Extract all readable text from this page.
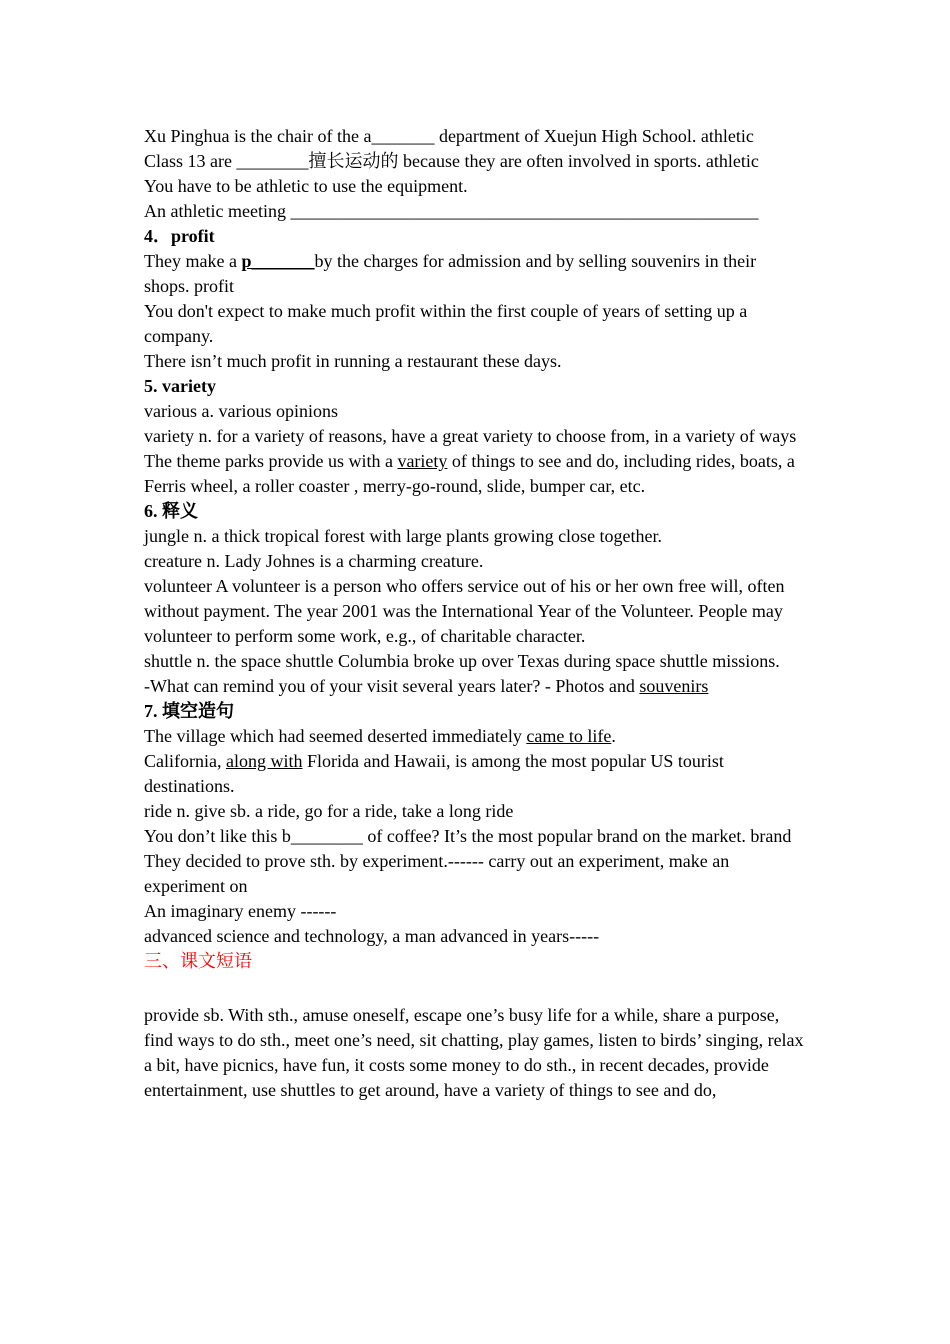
Xu Pinghua is the chair of the a_______ department of Xuejun High School. athletic

Class 13 are ________擅长运动的 because they are often involved in sports. athletic

You have to be athletic to use the equipment.

An athletic meeting ____________________________________________________

4．profit

They make a p_______by the charges for admission and by selling souvenirs in their shops. profit

You don't expect to make much profit within the first couple of years of setting up a company.

There isn’t much profit in running a restaurant these days.

5. variety

various a. various opinions

variety n. for a variety of reasons, have a great variety to choose from, in a variety of ways

The theme parks provide us with a variety of things to see and do, including rides, boats, a Ferris wheel, a roller coaster , merry-go-round, slide, bumper car, etc.

6. 释义

jungle n. a thick tropical forest with large plants growing close together.

creature n. Lady Johnes is a charming creature.

volunteer A volunteer is a person who offers service out of his or her own free will, often without payment. The year 2001 was the International Year of the Volunteer. People may volunteer to perform some work, e.g., of charitable character.

shuttle n. the space shuttle Columbia broke up over Texas during space shuttle missions.

-What can remind you of your visit several years later? - Photos and souvenirs

7. 填空造句

The village which had seemed deserted immediately came to life.

California, along with Florida and Hawaii, is among the most popular US tourist destinations.

ride n. give sb. a ride, go for a ride, take a long ride

You don’t like this b________ of coffee? It’s the most popular brand on the market. brand

They decided to prove sth. by experiment.------ carry out an experiment, make an experiment on

An imaginary enemy ------

advanced science and technology, a man advanced in years-----

三、课文短语

provide sb. With sth., amuse oneself, escape one’s busy life for a while, share a purpose, find ways to do sth., meet one’s need, sit chatting, play games, listen to birds’ singing, relax a bit, have picnics, have fun, it costs some money to do sth., in recent decades, provide entertainment, use shuttles to get around, have a variety of things to see and do,
